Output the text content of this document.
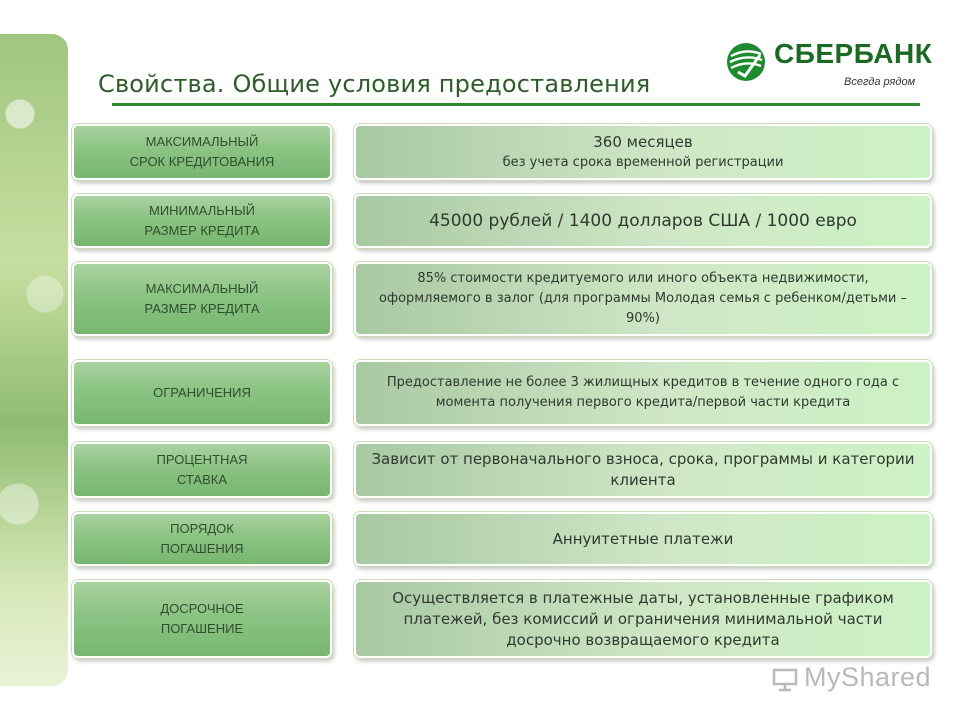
Свойства. Общие условия предоставления
СБЕРБАНК
Всегда рядом
МАКСИМАЛЬНЫЙ
СРОК КРЕДИТОВАНИЯ
360 месяцев
без учета срока временной регистрации
МИНИМАЛЬНЫЙ
РАЗМЕР КРЕДИТА	45000 рублей / 1400 долларов США / 1000 евро
МАКСИМАЛЬНЫЙ
РАЗМЕР КРЕДИТА
85% стоимости кредитуемого или иного объекта недвижимости, оформляемого в залог (для программы Молодая семья с ребенком/детьми – 90%)
ОГРАНИЧЕНИЯ
Предоставление не более 3 жилищных кредитов в течение одного года с момента получения первого кредита/первой части кредита
ПРОЦЕНТНАЯ
СТАВКА
Зависит от первоначального взноса, срока, программы и категории клиента
ПОРЯДОК
ПОГАШЕНИЯ
Аннуитетные платежи
ДОСРОЧНОЕ
ПОГАШЕНИЕ
Осуществляется в платежные даты, установленные графиком платежей, без комиссий и ограничения минимальной части досрочно возвращаемого кредита
MyShared
